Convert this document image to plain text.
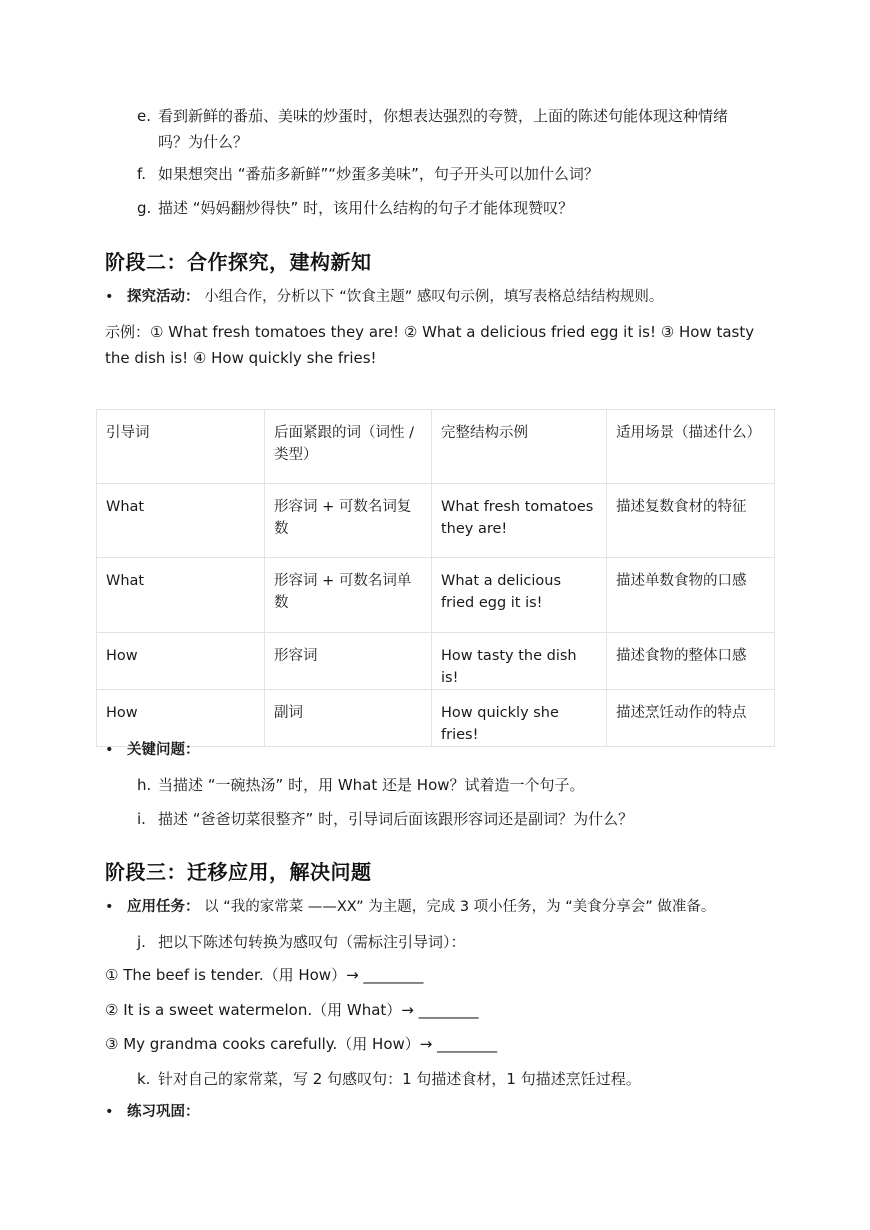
e. 看到新鲜的番茄、美味的炒蛋时，你想表达强烈的夸赞，上面的陈述句能体现这种情绪
吗？为什么？
f. 如果想突出 “番茄多新鲜”“炒蛋多美味”，句子开头可以加什么词？
g. 描述 “妈妈翻炒得快” 时，该用什么结构的句子才能体现赞叹？
阶段二：合作探究，建构新知
• 探究活动： 小组合作，分析以下 “饮食主题” 感叹句示例，填写表格总结结构规则。
示例：① What fresh tomatoes they are! ② What a delicious fried egg it is! ③ How tasty the dish is! ④ How quickly she fries!
引导词	后面紧跟的词（词性 / 类型）	完整结构示例	适用场景（描述什么）
What	形容词 + 可数名词复数	What fresh tomatoes they are!	描述复数食材的特征
What	形容词 + 可数名词单数	What a delicious fried egg it is!	描述单数食物的口感
How	形容词	How tasty the dish is!	描述食物的整体口感
How	副词	How quickly she fries!	描述烹饪动作的特点
• 关键问题：
h. 当描述 “一碗热汤” 时，用 What 还是 How？试着造一个句子。
i. 描述 “爸爸切菜很整齐” 时，引导词后面该跟形容词还是副词？为什么？
阶段三：迁移应用，解决问题
• 应用任务： 以 “我的家常菜 ——XX” 为主题，完成 3 项小任务，为 “美食分享会” 做准备。
j. 把以下陈述句转换为感叹句（需标注引导词）：
① The beef is tender.（用 How）→ ________
② It is a sweet watermelon.（用 What）→ ________
③ My grandma cooks carefully.（用 How）→ ________
k. 针对自己的家常菜，写 2 句感叹句：1 句描述食材，1 句描述烹饪过程。
• 练习巩固：
